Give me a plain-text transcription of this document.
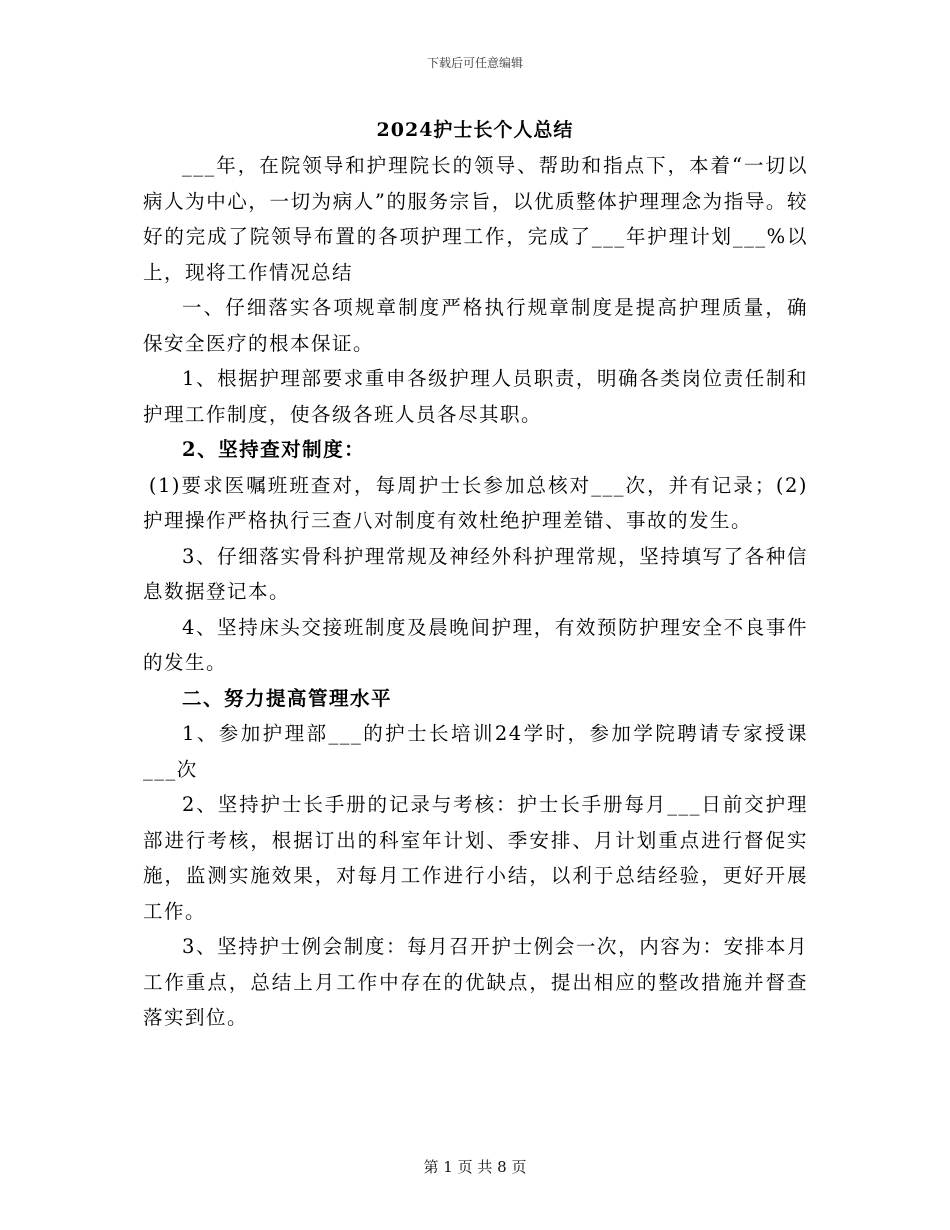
下载后可任意编辑
2024护士长个人总结

___年，在院领导和护理院长的领导、帮助和指点下，本着“一切以病人为中心，一切为病人”的服务宗旨，以优质整体护理理念为指导。较好的完成了院领导布置的各项护理工作，完成了___年护理计划___%以上，现将工作情况总结

一、仔细落实各项规章制度严格执行规章制度是提高护理质量，确保安全医疗的根本保证。

1、根据护理部要求重申各级护理人员职责，明确各类岗位责任制和护理工作制度，使各级各班人员各尽其职。

2、坚持查对制度：

(1)要求医嘱班班查对，每周护士长参加总核对___次，并有记录；(2)护理操作严格执行三查八对制度有效杜绝护理差错、事故的发生。

3、仔细落实骨科护理常规及神经外科护理常规，坚持填写了各种信息数据登记本。

4、坚持床头交接班制度及晨晚间护理，有效预防护理安全不良事件的发生。

二、努力提高管理水平

1、参加护理部___的护士长培训24学时，参加学院聘请专家授课___次

2、坚持护士长手册的记录与考核：护士长手册每月___日前交护理部进行考核，根据订出的科室年计划、季安排、月计划重点进行督促实施，监测实施效果，对每月工作进行小结，以利于总结经验，更好开展工作。

3、坚持护士例会制度：每月召开护士例会一次，内容为：安排本月工作重点，总结上月工作中存在的优缺点，提出相应的整改措施并督查落实到位。

第 1 页 共 8 页
